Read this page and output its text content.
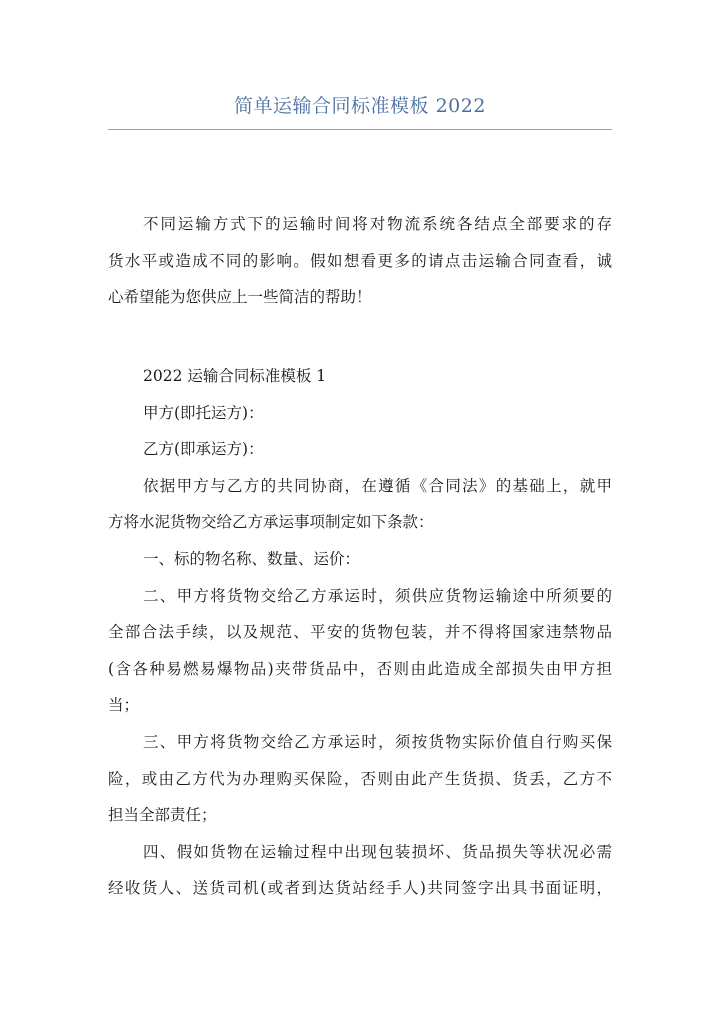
简单运输合同标准模板 2022
不同运输方式下的运输时间将对物流系统各结点全部要求的存
货水平或造成不同的影响。假如想看更多的请点击运输合同查看，诚
心希望能为您供应上一些简洁的帮助！
2022 运输合同标准模板 1
甲方(即托运方)：
乙方(即承运方)：
依据甲方与乙方的共同协商，在遵循《合同法》的基础上，就甲
方将水泥货物交给乙方承运事项制定如下条款：
一、标的物名称、数量、运价：
二、甲方将货物交给乙方承运时，须供应货物运输途中所须要的
全部合法手续，以及规范、平安的货物包装，并不得将国家违禁物品
(含各种易燃易爆物品)夹带货品中，否则由此造成全部损失由甲方担
当；
三、甲方将货物交给乙方承运时，须按货物实际价值自行购买保
险，或由乙方代为办理购买保险，否则由此产生货损、货丢，乙方不
担当全部责任；
四、假如货物在运输过程中出现包装损坏、货品损失等状况必需
经收货人、送货司机(或者到达货站经手人)共同签字出具书面证明，
